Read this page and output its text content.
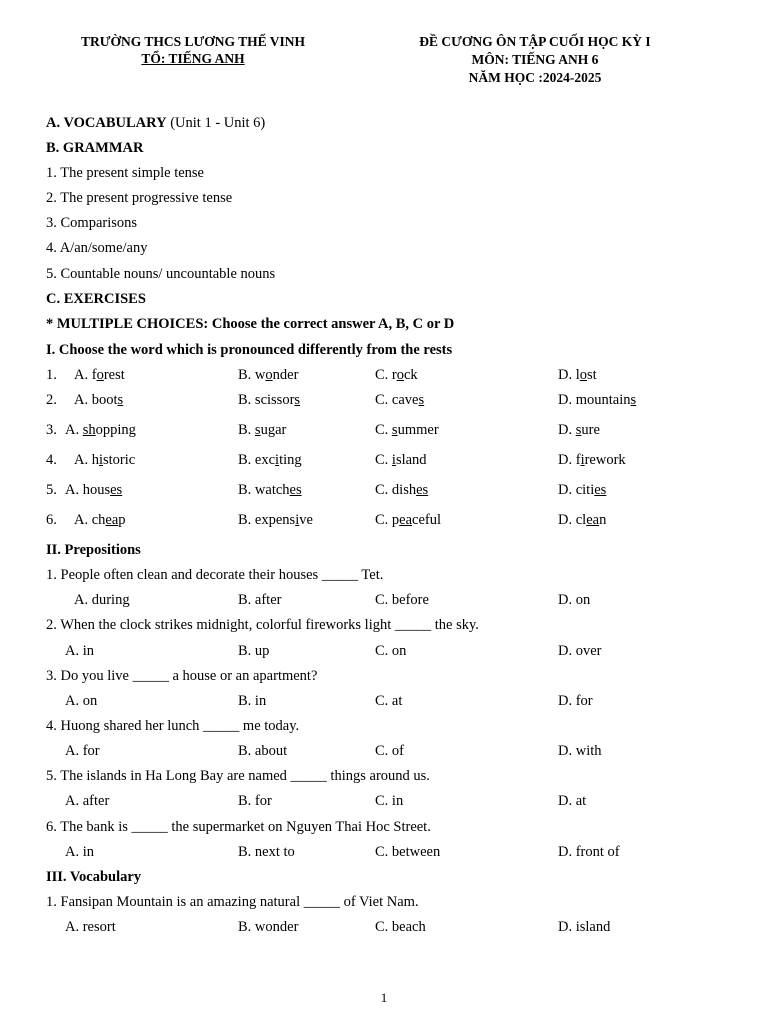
TRƯỜNG THCS LƯƠNG THẾ VINH
TỔ: TIẾNG ANH
ĐỀ CƯƠNG ÔN TẬP CUỐI HỌC KỲ I
MÔN: TIẾNG ANH 6
NĂM HỌC :2024-2025
A. VOCABULARY (Unit 1 - Unit 6)
B. GRAMMAR
1. The present simple tense
2. The present progressive tense
3. Comparisons
4. A/an/some/any
5. Countable nouns/ uncountable nouns
C. EXERCISES
* MULTIPLE CHOICES: Choose the correct answer A, B, C or D
I. Choose the word which is pronounced differently from the rests
1. A. forest	B. wonder	C. rock	D. lost
2. A. boots	B. scissors	C. caves	D. mountains
3. A. shopping	B. sugar	C. summer	D. sure
4. A. historic	B. exciting	C. island	D. firework
5. A. houses	B. watches	C. dishes	D. cities
6. A. cheap	B. expensive	C. peaceful	D. clean
II. Prepositions
1. People often clean and decorate their houses _____ Tet.
A. during	B. after	C. before	D. on
2. When the clock strikes midnight, colorful fireworks light _____ the sky.
A. in	B. up	C. on	D. over
3. Do you live _____ a house or an apartment?
A. on	B. in	C. at	D. for
4. Huong shared her lunch _____ me today.
A. for	B. about	C. of	D. with
5. The islands in Ha Long Bay are named _____ things around us.
A. after	B. for	C. in	D. at
6. The bank is _____ the supermarket on Nguyen Thai Hoc Street.
A. in	B. next to	C. between	D. front of
III. Vocabulary
1. Fansipan Mountain is an amazing natural _____ of Viet Nam.
A. resort	B. wonder	C. beach	D. island
1
